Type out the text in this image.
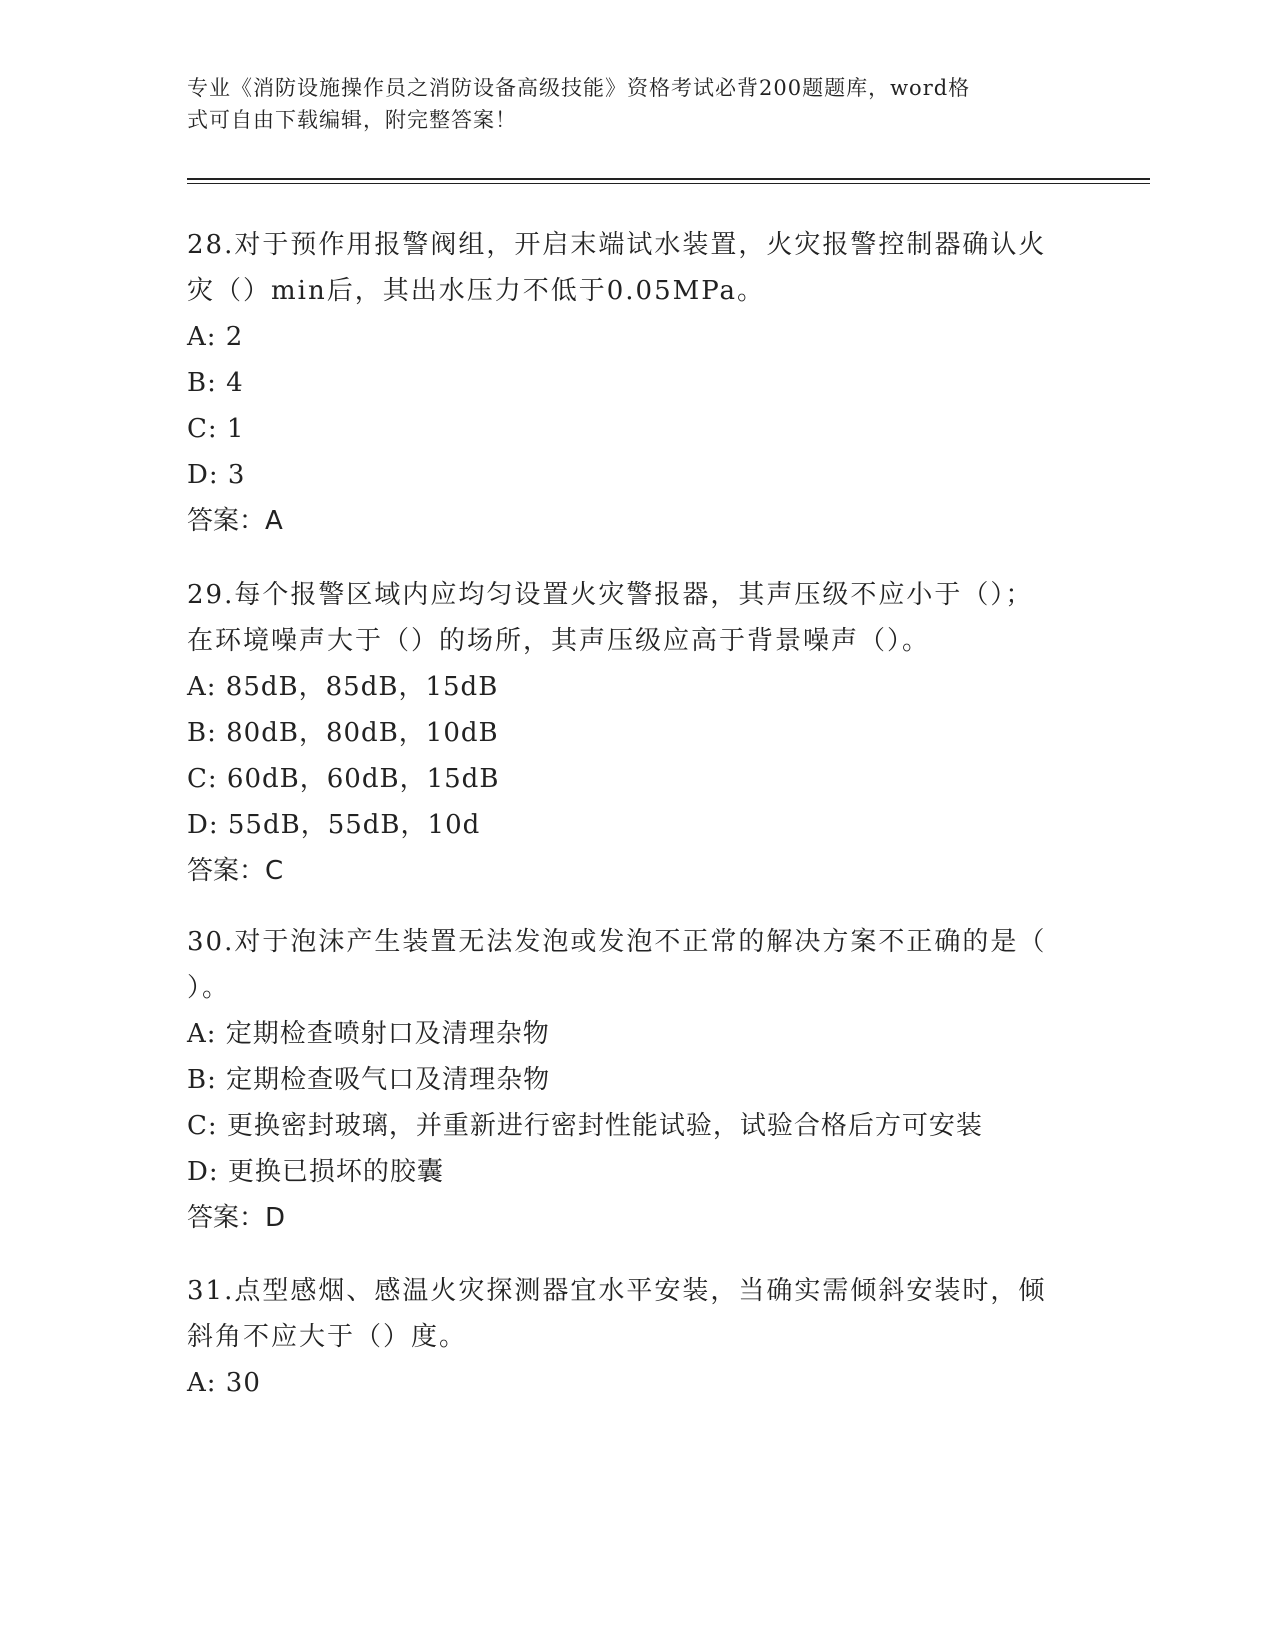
专业《消防设施操作员之消防设备高级技能》资格考试必背200题题库，word格
式可自由下载编辑，附完整答案！
28.对于预作用报警阀组，开启末端试水装置，火灾报警控制器确认火
灾（）min后，其出水压力不低于0.05MPa。
A: 2
B: 4
C: 1
D: 3
答案：A
29.每个报警区域内应均匀设置火灾警报器，其声压级不应小于（）；
在环境噪声大于（）的场所，其声压级应高于背景噪声（）。
A: 85dB，85dB，15dB
B: 80dB，80dB，10dB
C: 60dB，60dB，15dB
D: 55dB，55dB，10d
答案：C
30.对于泡沫产生装置无法发泡或发泡不正常的解决方案不正确的是（
）。
A: 定期检查喷射口及清理杂物
B: 定期检查吸气口及清理杂物
C: 更换密封玻璃，并重新进行密封性能试验，试验合格后方可安装
D: 更换已损坏的胶囊
答案：D
31.点型感烟、感温火灾探测器宜水平安装，当确实需倾斜安装时，倾
斜角不应大于（）度。
A: 30
